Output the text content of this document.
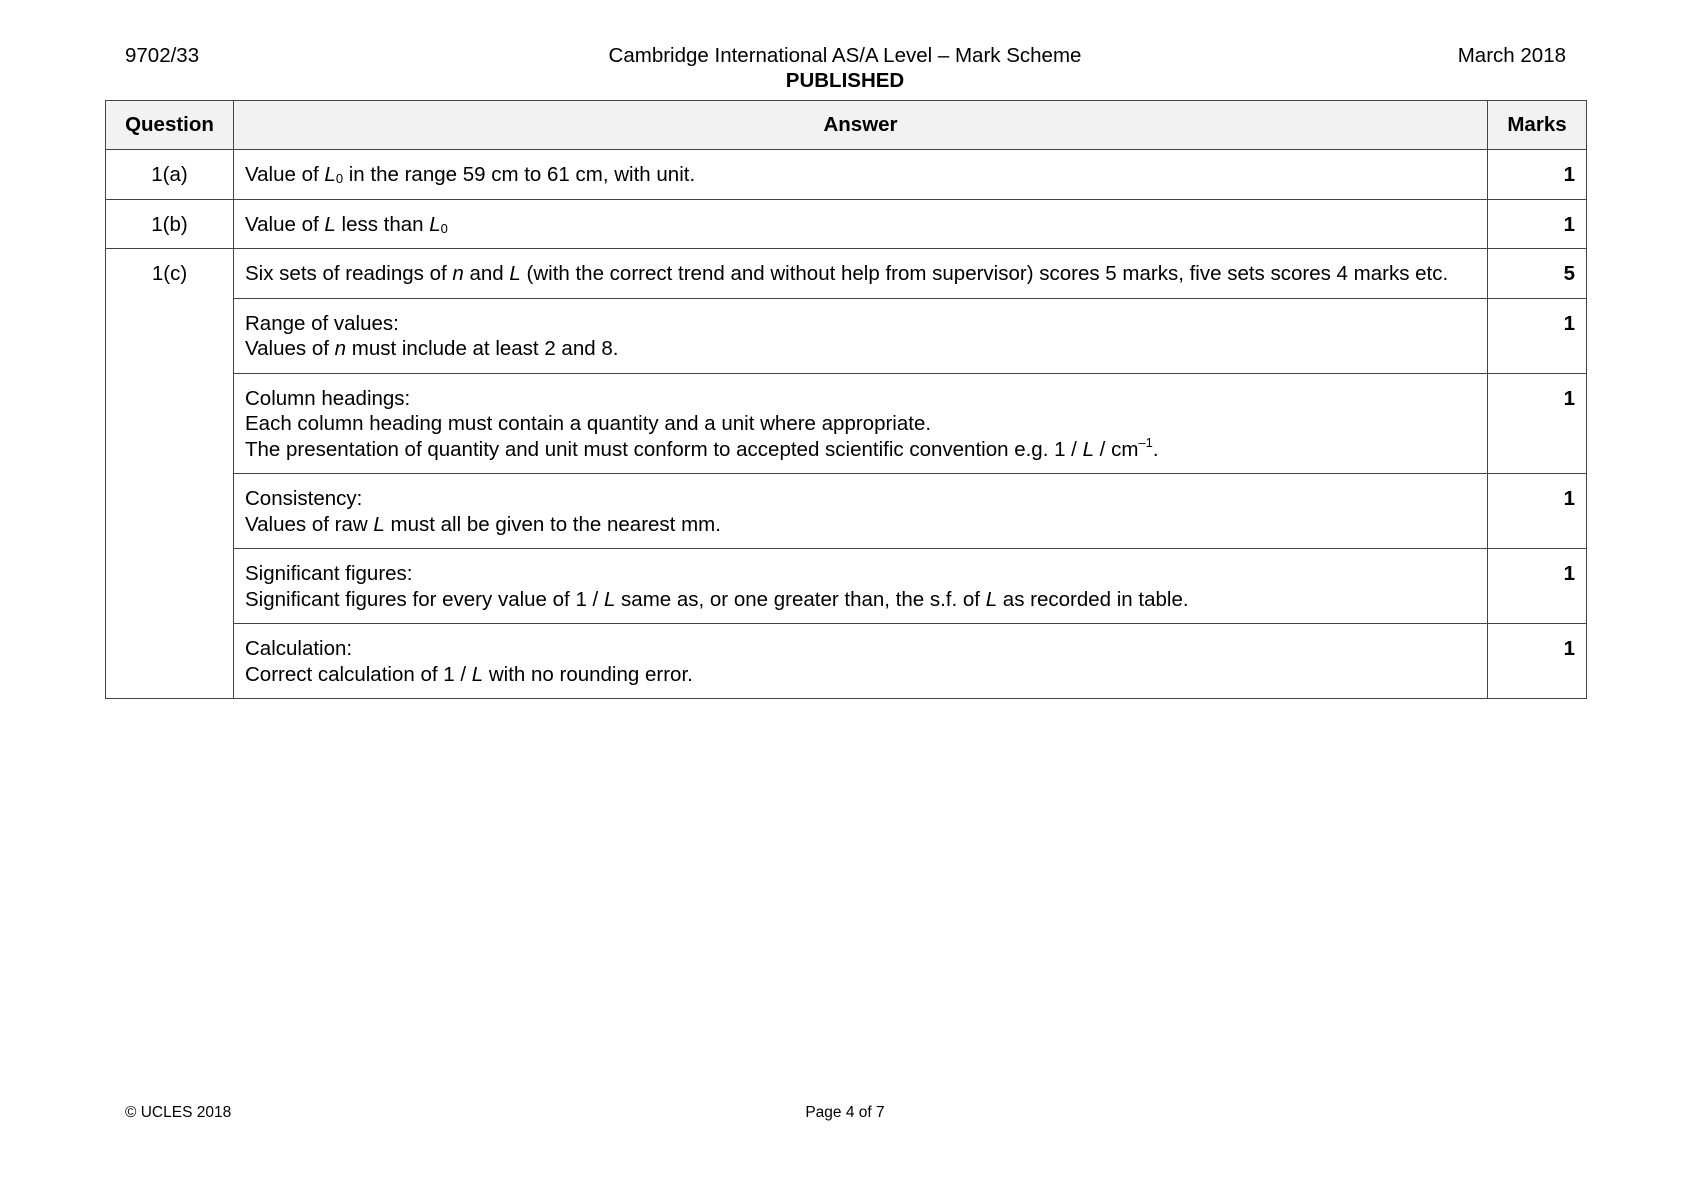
9702/33	Cambridge International AS/A Level – Mark Scheme	March 2018
PUBLISHED
Question	Answer	Marks
1(a)	Value of $L_0$ in the range 59 cm to 61 cm, with unit.	1
1(b)	Value of L less than $L_0$	1
1(c)	Six sets of readings of n and L (with the correct trend and without help from supervisor) scores 5 marks, five sets scores 4 marks etc.	5

	Range of values:
Values of n must include at least 2 and 8.	1

	Column headings:
Each column heading must contain a quantity and a unit where appropriate.
The presentation of quantity and unit must conform to accepted scientific convention e.g. 1 / L / $cm^{-1}$.	1

	Consistency:
Values of raw L must all be given to the nearest mm.	1

	Significant figures:
Significant figures for every value of 1 / L same as, or one greater than, the s.f. of L as recorded in table.	1

	Calculation:
Correct calculation of 1 / L with no rounding error.	1
© UCLES 2018	Page 4 of 7
